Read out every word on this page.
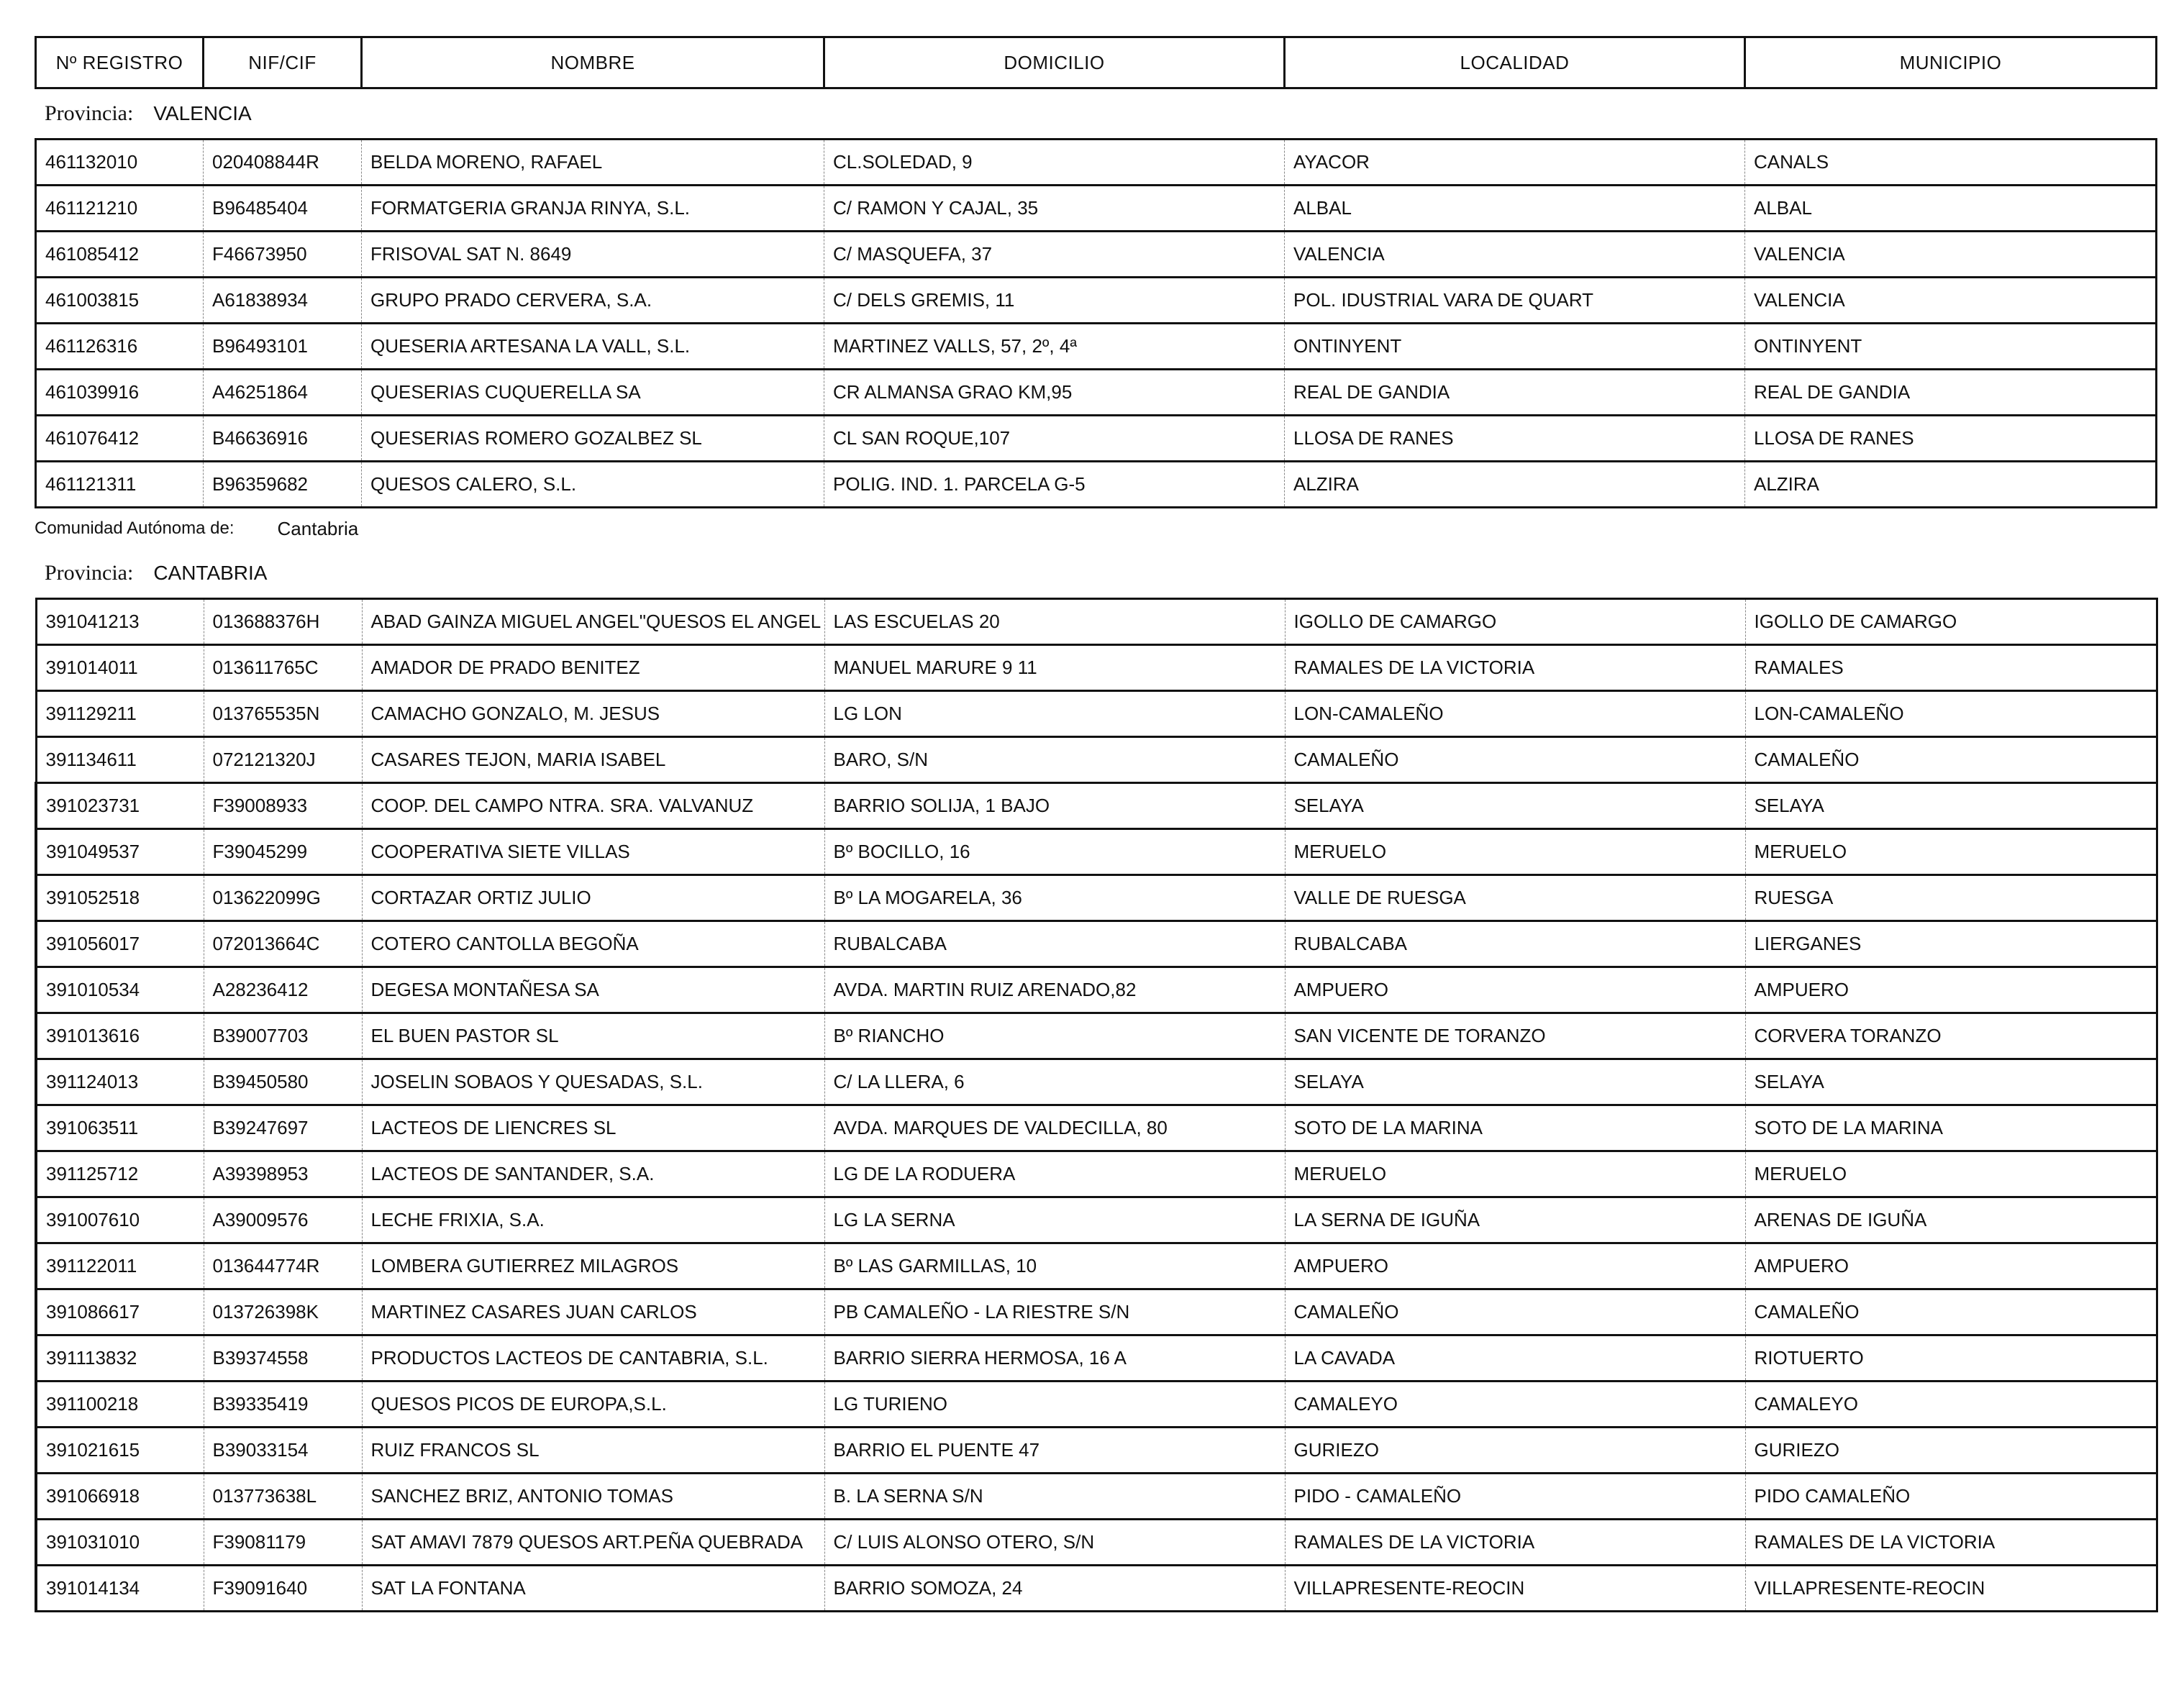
Nº REGISTRO	NIF/CIF	NOMBRE	DOMICILIO	LOCALIDAD	MUNICIPIO
Provincia: VALENCIA
461132010	020408844R	BELDA MORENO, RAFAEL	CL.SOLEDAD, 9	AYACOR	CANALS
461121210	B96485404	FORMATGERIA GRANJA RINYA, S.L.	C/ RAMON Y CAJAL, 35	ALBAL	ALBAL
461085412	F46673950	FRISOVAL SAT N. 8649	C/ MASQUEFA, 37	VALENCIA	VALENCIA
461003815	A61838934	GRUPO PRADO CERVERA, S.A.	C/ DELS GREMIS, 11	POL. IDUSTRIAL VARA DE QUART	VALENCIA
461126316	B96493101	QUESERIA ARTESANA LA VALL, S.L.	MARTINEZ VALLS, 57, 2º, 4ª	ONTINYENT	ONTINYENT
461039916	A46251864	QUESERIAS CUQUERELLA SA	CR ALMANSA GRAO KM,95	REAL DE GANDIA	REAL DE GANDIA
461076412	B46636916	QUESERIAS ROMERO GOZALBEZ SL	CL SAN ROQUE,107	LLOSA DE RANES	LLOSA DE RANES
461121311	B96359682	QUESOS CALERO, S.L.	POLIG. IND. 1. PARCELA G-5	ALZIRA	ALZIRA
Comunidad Autónoma de: Cantabria
Provincia: CANTABRIA
391041213	013688376H	ABAD GAINZA MIGUEL ANGEL"QUESOS EL ANGEL	LAS ESCUELAS 20	IGOLLO DE CAMARGO	IGOLLO DE CAMARGO
391014011	013611765C	AMADOR DE PRADO BENITEZ	MANUEL MARURE 9 11	RAMALES DE LA VICTORIA	RAMALES
391129211	013765535N	CAMACHO GONZALO, M. JESUS	LG LON	LON-CAMALEÑO	LON-CAMALEÑO
391134611	072121320J	CASARES TEJON, MARIA ISABEL	BARO, S/N	CAMALEÑO	CAMALEÑO
391023731	F39008933	COOP. DEL CAMPO NTRA. SRA. VALVANUZ	BARRIO SOLIJA, 1 BAJO	SELAYA	SELAYA
391049537	F39045299	COOPERATIVA SIETE VILLAS	Bº BOCILLO, 16	MERUELO	MERUELO
391052518	013622099G	CORTAZAR ORTIZ JULIO	Bº LA MOGARELA, 36	VALLE DE RUESGA	RUESGA
391056017	072013664C	COTERO CANTOLLA BEGOÑA	RUBALCABA	RUBALCABA	LIERGANES
391010534	A28236412	DEGESA MONTAÑESA SA	AVDA. MARTIN RUIZ ARENADO,82	AMPUERO	AMPUERO
391013616	B39007703	EL BUEN PASTOR SL	Bº RIANCHO	SAN VICENTE DE TORANZO	CORVERA TORANZO
391124013	B39450580	JOSELIN SOBAOS Y QUESADAS, S.L.	C/ LA LLERA, 6	SELAYA	SELAYA
391063511	B39247697	LACTEOS DE LIENCRES SL	AVDA. MARQUES DE VALDECILLA, 80	SOTO DE LA MARINA	SOTO DE LA MARINA
391125712	A39398953	LACTEOS DE SANTANDER, S.A.	LG DE LA RODUERA	MERUELO	MERUELO
391007610	A39009576	LECHE FRIXIA, S.A.	LG LA SERNA	LA SERNA DE IGUÑA	ARENAS DE IGUÑA
391122011	013644774R	LOMBERA GUTIERREZ MILAGROS	Bº LAS GARMILLAS, 10	AMPUERO	AMPUERO
391086617	013726398K	MARTINEZ CASARES JUAN CARLOS	PB CAMALEÑO - LA RIESTRE S/N	CAMALEÑO	CAMALEÑO
391113832	B39374558	PRODUCTOS LACTEOS DE CANTABRIA, S.L.	BARRIO SIERRA HERMOSA, 16 A	LA CAVADA	RIOTUERTO
391100218	B39335419	QUESOS PICOS DE EUROPA,S.L.	LG TURIENO	CAMALEYO	CAMALEYO
391021615	B39033154	RUIZ FRANCOS SL	BARRIO EL PUENTE 47	GURIEZO	GURIEZO
391066918	013773638L	SANCHEZ BRIZ, ANTONIO TOMAS	B. LA SERNA S/N	PIDO - CAMALEÑO	PIDO CAMALEÑO
391031010	F39081179	SAT AMAVI 7879 QUESOS ART.PEÑA QUEBRADA	C/ LUIS ALONSO OTERO, S/N	RAMALES DE LA VICTORIA	RAMALES DE LA VICTORIA
391014134	F39091640	SAT LA FONTANA	BARRIO SOMOZA, 24	VILLAPRESENTE-REOCIN	VILLAPRESENTE-REOCIN
